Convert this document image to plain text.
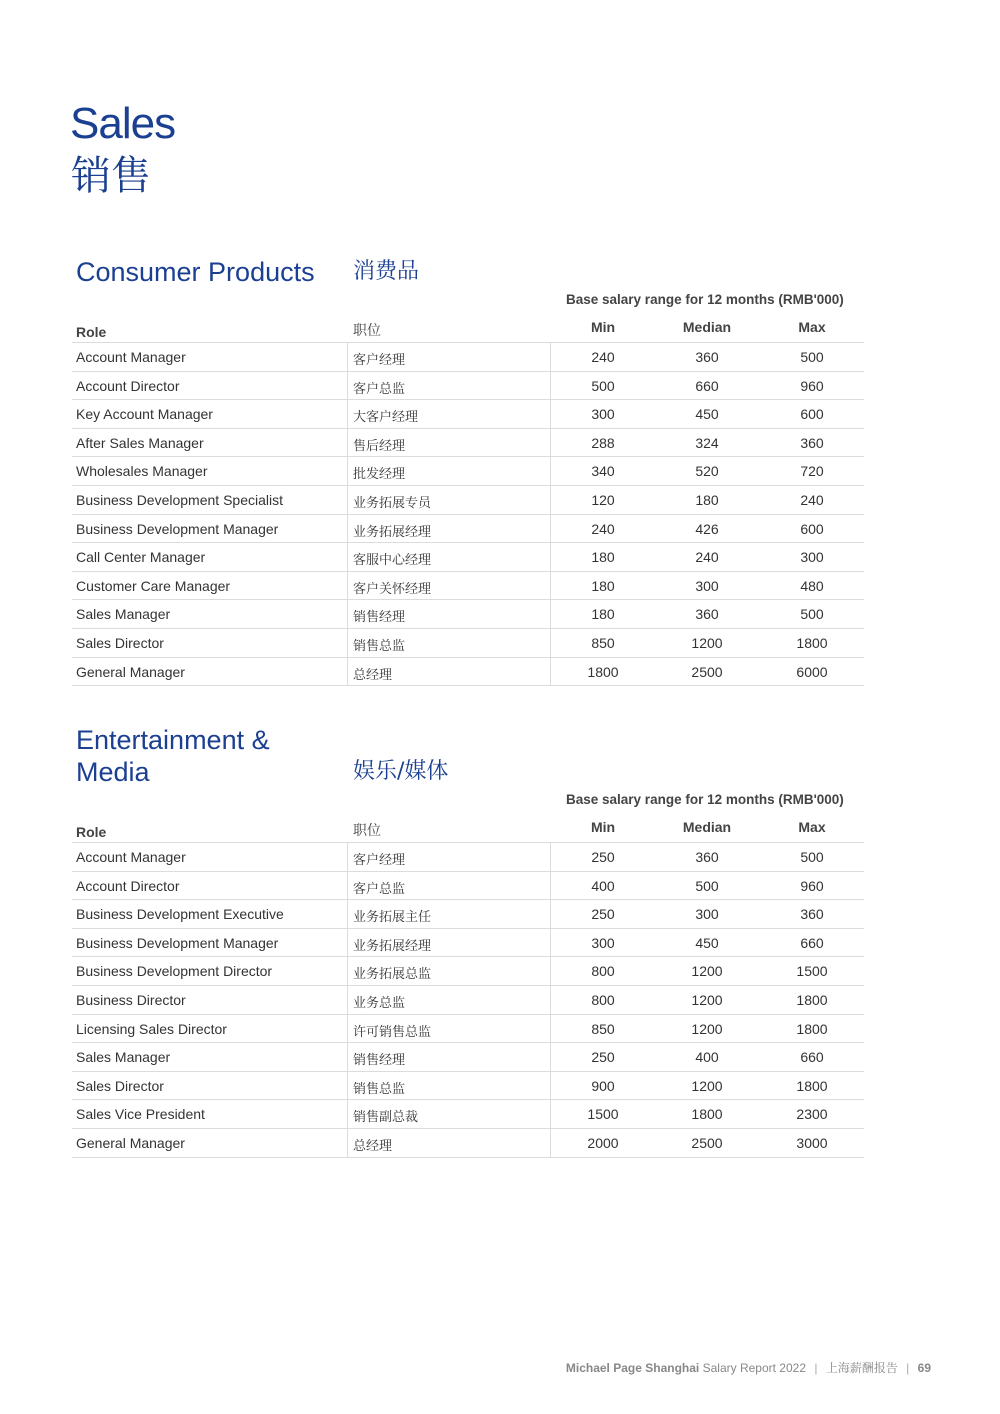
Sales
销售
Consumer Products 消费品
Base salary range for 12 months (RMB'000)
Role	职位	Min	Median	Max
Account Manager	客户经理	240	360	500
Account Director	客户总监	500	660	960
Key Account Manager	大客户经理	300	450	600
After Sales Manager	售后经理	288	324	360
Wholesales Manager	批发经理	340	520	720
Business Development Specialist	业务拓展专员	120	180	240
Business Development Manager	业务拓展经理	240	426	600
Call Center Manager	客服中心经理	180	240	300
Customer Care Manager	客户关怀经理	180	300	480
Sales Manager	销售经理	180	360	500
Sales Director	销售总监	850	1200	1800
General Manager	总经理	1800	2500	6000
Entertainment &
Media	娱乐/媒体
Base salary range for 12 months (RMB'000)
Role	职位	Min	Median	Max
Account Manager	客户经理	250	360	500
Account Director	客户总监	400	500	960
Business Development Executive	业务拓展主任	250	300	360
Business Development Manager	业务拓展经理	300	450	660
Business Development Director	业务拓展总监	800	1200	1500
Business Director	业务总监	800	1200	1800
Licensing Sales Director	许可销售总监	850	1200	1800
Sales Manager	销售经理	250	400	660
Sales Director	销售总监	900	1200	1800
Sales Vice President	销售副总裁	1500	1800	2300
General Manager	总经理	2000	2500	3000
Michael Page Shanghai Salary Report 2022 | 上海薪酬报告 | 69
